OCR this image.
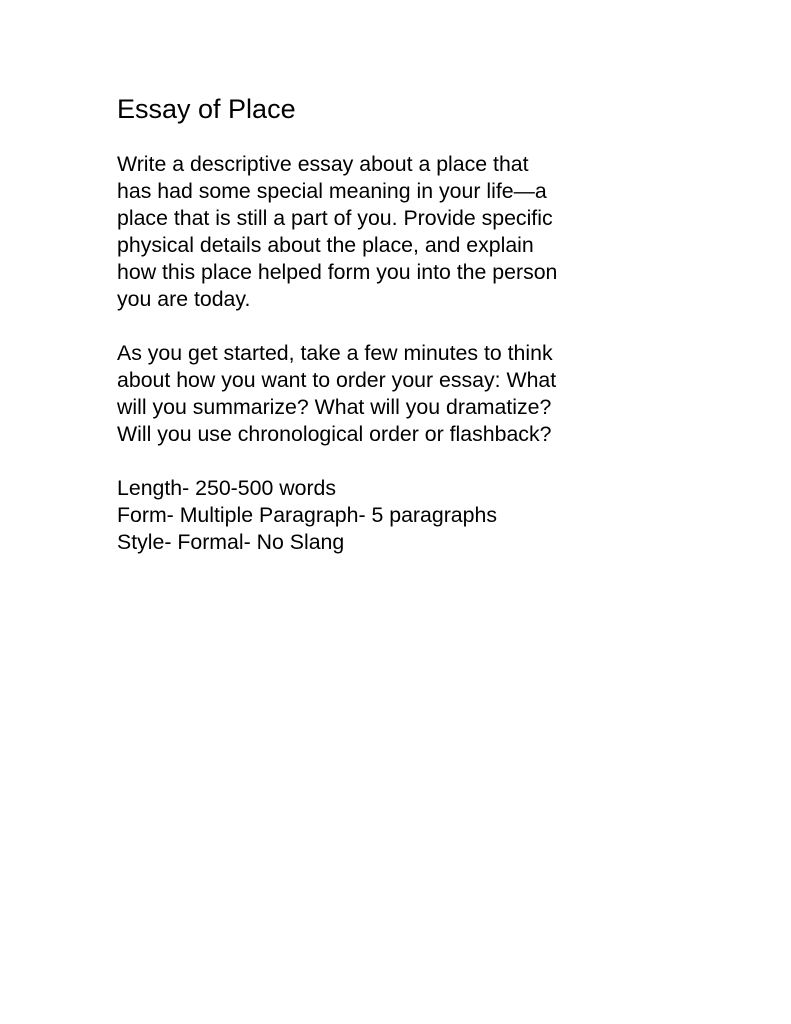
Essay of Place

Write a descriptive essay about a place that
has had some special meaning in your life—a
place that is still a part of you. Provide specific
physical details about the place, and explain
how this place helped form you into the person
you are today.

As you get started, take a few minutes to think
about how you want to order your essay: What
will you summarize? What will you dramatize?
Will you use chronological order or flashback?

Length- 250-500 words
Form- Multiple Paragraph- 5 paragraphs
Style- Formal- No Slang
